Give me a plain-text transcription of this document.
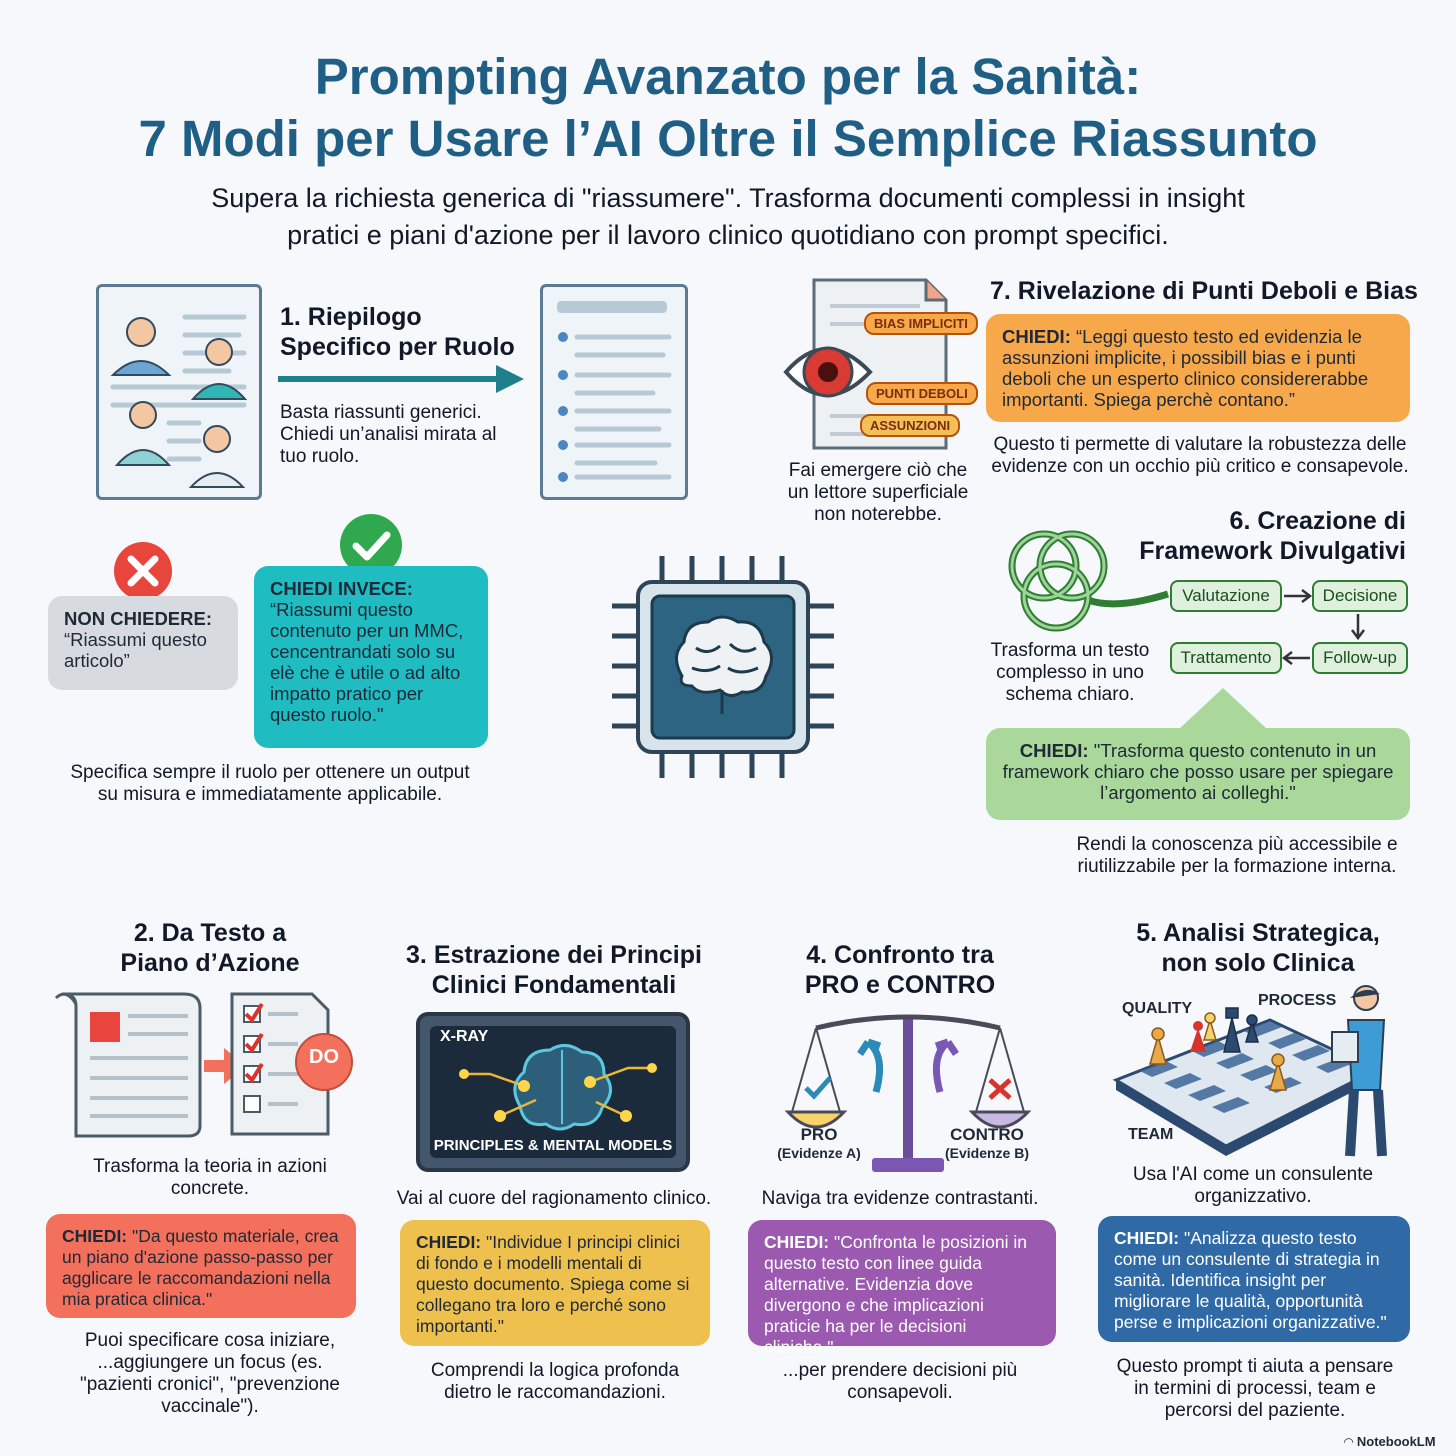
Prompting Avanzato per la Sanità:
7 Modi per Usare l’AI Oltre il Semplice Riassunto
Supera la richiesta generica di "riassumere". Trasforma documenti complessi in insight
pratici e piani d'azione per il lavoro clinico quotidiano con prompt specifici.
1. Riepilogo
Specifico per Ruolo
Basta riassunti generici. Chiedi un’analisi mirata al tuo ruolo.
NON CHIEDERE:
“Riassumi questo articolo”
CHIEDI INVECE:
“Riassumi questo contenuto per un MMC, cencentrandati solo su elè che è utile o ad alto impatto pratico per questo ruolo."
Specifica sempre il ruolo per ottenere un output
su misura e immediatamente applicabile.
BIAS IMPLICITI
PUNTI DEBOLI
ASSUNZIONI
Fai emergere ciò che un lettore superficiale non noterebbe.
7. Rivelazione di Punti Deboli e Bias
CHIEDI: “Leggi questo testo ed evidenzia le assunzioni implicite, i possibill bias e i punti deboli che un esperto clinico considererabbe importanti. Spiega perchè contano.”
Questo ti permette di valutare la robustezza delle evidenze con un occhio più critico e consapevole.
6. Creazione di
Framework Divulgativi
Valutazione	Decisione
Trattamento	Follow-up
Trasforma un testo complesso in uno schema chiaro.
CHIEDI: "Trasforma questo contenuto in un framework chiaro che posso usare per spiegare l’argomento ai colleghi."
Rendi la conoscenza più accessibile e riutilizzabile per la formazione interna.
2. Da Testo a
Piano d’Azione
DO
Trasforma la teoria in azioni concrete.
CHIEDI: "Da questo materiale, crea un piano d'azione passo-passo per agglicare le raccomandazioni nella mia pratica clinica."
Puoi specificare cosa iniziare, ...aggiungere un focus (es. "pazienti cronici", "prevenzione vaccinale").
3. Estrazione dei Principi
Clinici Fondamentali
X-RAY
PRINCIPLES & MENTAL MODELS
Vai al cuore del ragionamento clinico.
CHIEDI: "Individue I principi clinici di fondo e i modelli mentali di questo documento. Spiega come si collegano tra loro e perché sono importanti."
Comprendi la logica profonda dietro le raccomandazioni.
4. Confronto tra
PRO e CONTRO
PRO
(Evidenze A)
CONTRO
(Evidenze B)
Naviga tra evidenze contrastanti.
CHIEDI: "Confronta le posizioni in questo testo con linee guida alternative. Evidenzia dove divergono e che implicazioni praticie ha per le decisioni cliniche."
...per prendere decisioni più consapevoli.
5. Analisi Strategica,
non solo Clinica
QUALITY	PROCESS
TEAM
Usa l'AI come un consulente organizzativo.
CHIEDI: "Analizza questo testo come un consulente di strategia in sanità. Identifica insight per migliorare le qualità, opportunità perse e implicazioni organizzative."
Questo prompt ti aiuta a pensare in termini di processi, team e percorsi del paziente.
◠ NotebookLM
